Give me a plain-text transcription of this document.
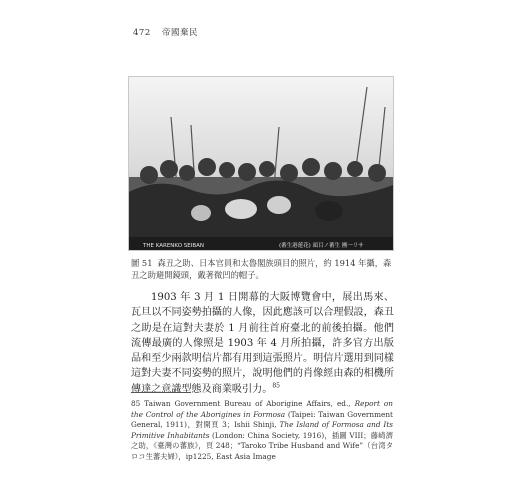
472 帝國棄民
THE KARENKO SEIBAN	(蕃生港蓮花) 頭目ノ蕃生 團一リサ
圖 51 森丑之助、日本官員和太魯閣族頭目的照片，約 1914 年攝，森丑之助避開鏡頭，戴著微凹的帽子。
1903 年 3 月 1 日開幕的大阪博覽會中，展出馬來、瓦旦以不同姿勢拍攝的人像，因此應該可以合理假設，森丑之助是在這對夫妻於 1 月前往首府臺北的前後拍攝。他們流傳最廣的人像照是 1903 年 4 月所拍攝，許多官方出版品和至少兩款明信片都有用到這張照片。明信片選用到同樣這對夫妻不同姿勢的照片，說明他們的肖像經由森的相機所傳達之意識型態及商業吸引力。$^{85}$
85 Taiwan Government Bureau of Aborigine Affairs, ed., Report on the Control of the Aborigines in Formosa (Taipei: Taiwan Government General, 1911)，對開頁 3；Ishii Shinji, The Island of Formosa and Its Primitive Inhabitants (London: China Society, 1916)，插圖 VIII；藤崎濟之助，《臺灣の蕃族》，頁 248；“Taroko Tribe Husband and Wife”（台湾タロコ生蕃夫婦），ip1225, East Asia Image
